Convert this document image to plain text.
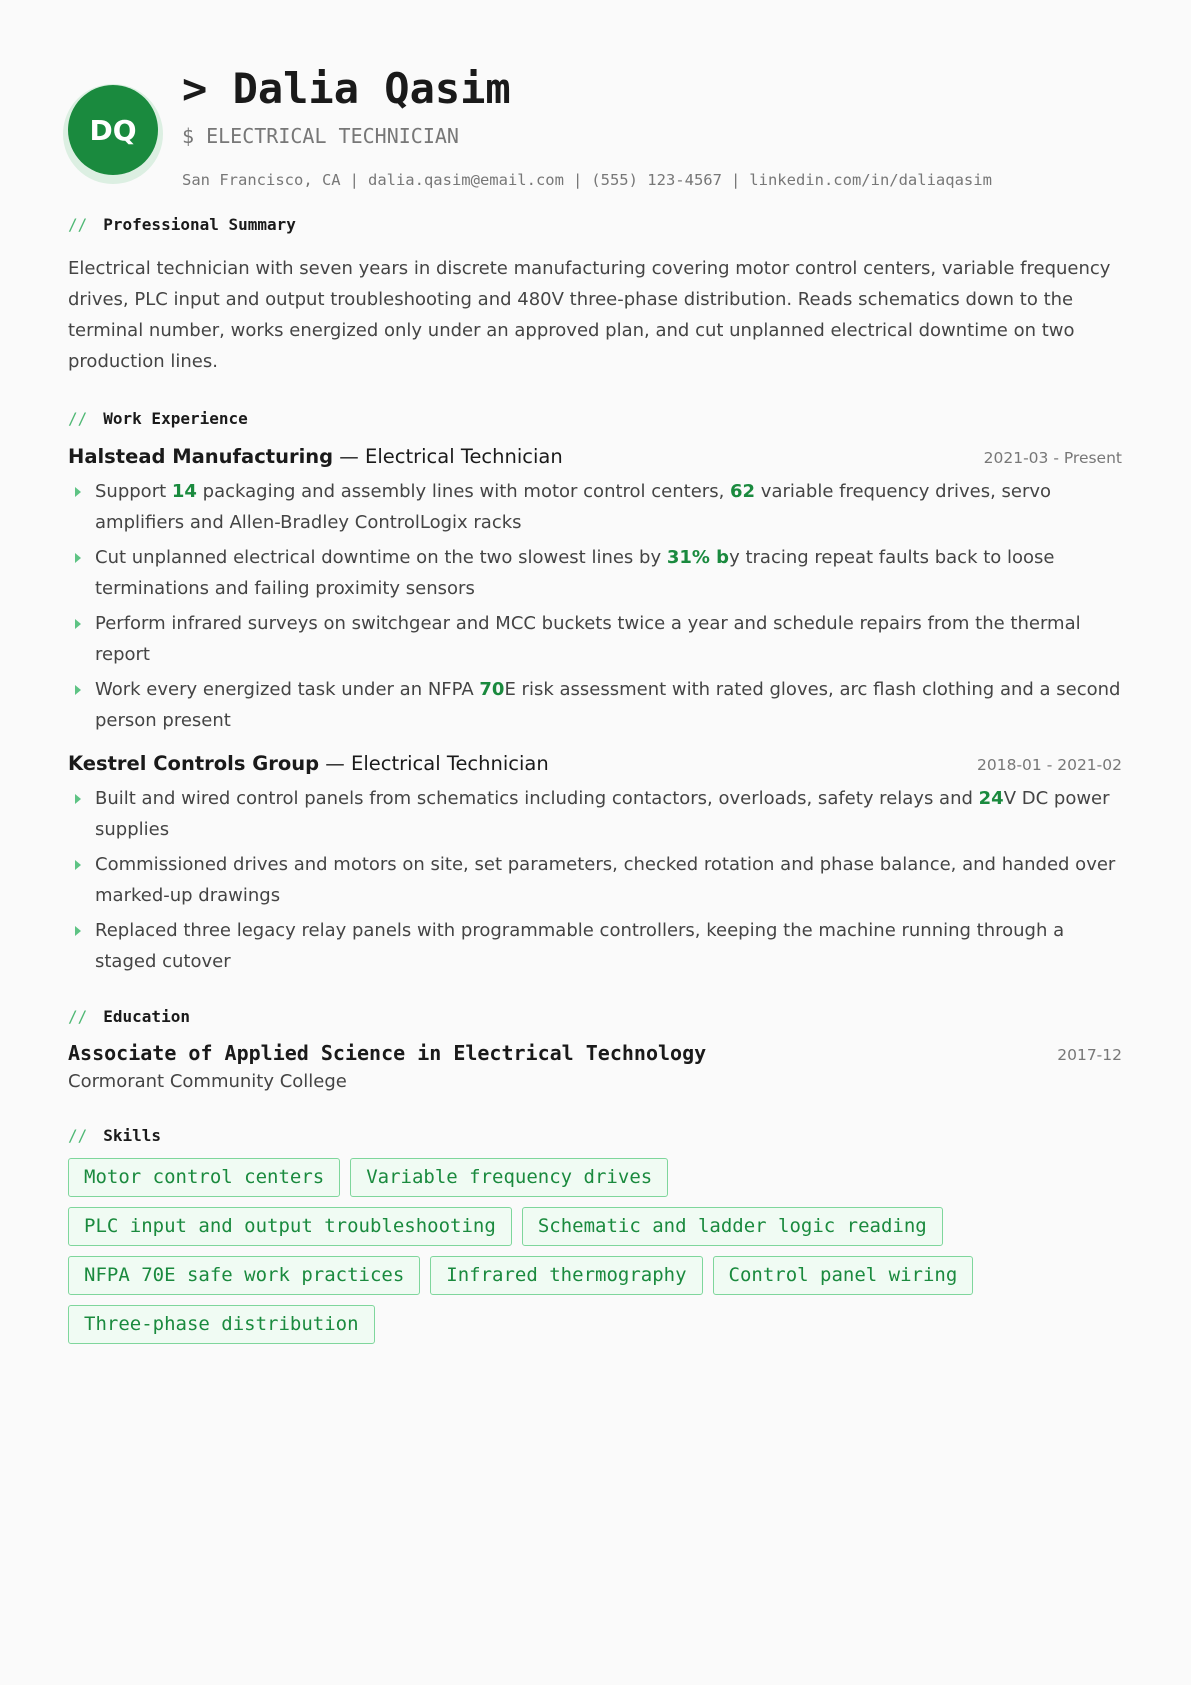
DQ
> Dalia Qasim
$ ELECTRICAL TECHNICIAN
San Francisco, CA | dalia.qasim@email.com | (555) 123-4567 | linkedin.com/in/daliaqasim
// Professional Summary

Electrical technician with seven years in discrete manufacturing covering motor control centers, variable frequency drives, PLC input and output troubleshooting and 480V three-phase distribution. Reads schematics down to the terminal number, works energized only under an approved plan, and cut unplanned electrical downtime on two production lines.

// Work Experience
Halstead Manufacturing — Electrical Technician	2021-03 - Present
Support 14 packaging and assembly lines with motor control centers, 62 variable frequency drives, servo amplifiers and Allen-Bradley ControlLogix racks
Cut unplanned electrical downtime on the two slowest lines by 31% by tracing repeat faults back to loose terminations and failing proximity sensors
Perform infrared surveys on switchgear and MCC buckets twice a year and schedule repairs from the thermal report
Work every energized task under an NFPA 70E risk assessment with rated gloves, arc flash clothing and a second person present
Kestrel Controls Group — Electrical Technician	2018-01 - 2021-02
Built and wired control panels from schematics including contactors, overloads, safety relays and 24V DC power supplies
Commissioned drives and motors on site, set parameters, checked rotation and phase balance, and handed over marked-up drawings
Replaced three legacy relay panels with programmable controllers, keeping the machine running through a staged cutover
// Education
Associate of Applied Science in Electrical Technology	2017-12
Cormorant Community College
// Skills
Motor control centers	Variable frequency drives
PLC input and output troubleshooting	Schematic and ladder logic reading
NFPA 70E safe work practices	Infrared thermography	Control panel wiring
Three-phase distribution
